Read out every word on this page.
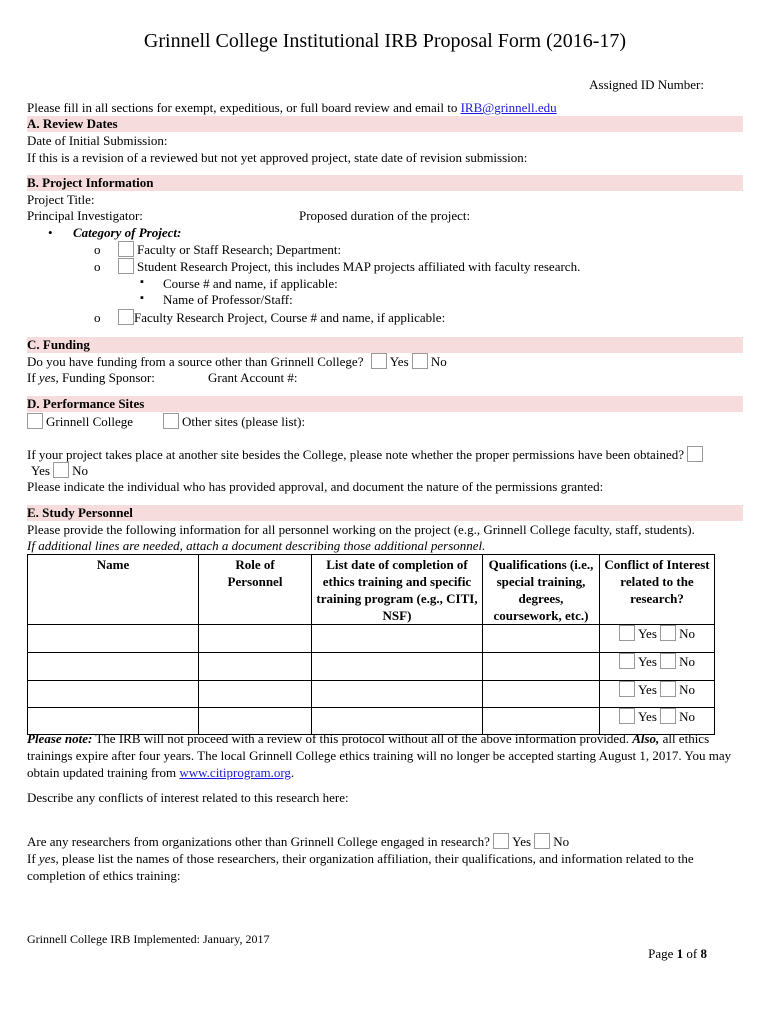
Grinnell College Institutional IRB Proposal Form (2016-17)
Assigned ID Number:
Please fill in all sections for exempt, expeditious, or full board review and email to IRB@grinnell.edu
A. Review Dates
Date of Initial Submission:
If this is a revision of a reviewed but not yet approved project, state date of revision submission:
B. Project Information
Project Title:
Principal Investigator:	Proposed duration of the project:
• Category of Project:
o	Faculty or Staff Research; Department:
o	Student Research Project, this includes MAP projects affiliated with faculty research.
▪ Course # and name, if applicable:
▪ Name of Professor/Staff:
o	Faculty Research Project, Course # and name, if applicable:
C. Funding
Do you have funding from a source other than Grinnell College? Yes No
If yes, Funding Sponsor:	Grant Account #:
D. Performance Sites
Grinnell College	Other sites (please list):
If your project takes place at another site besides the College, please note whether the proper permissions have been obtained?
Yes No
Please indicate the individual who has provided approval, and document the nature of the permissions granted:
E. Study Personnel
Please provide the following information for all personnel working on the project (e.g., Grinnell College faculty, staff, students).
If additional lines are needed, attach a document describing those additional personnel.
Name	Role of Personnel	List date of completion of ethics training and specific training program (e.g., CITI, NSF)	Qualifications (i.e., special training, degrees, coursework, etc.)	Conflict of Interest related to the research?

				Yes No
				Yes No
				Yes No
				Yes No
Please note: The IRB will not proceed with a review of this protocol without all of the above information provided. Also, all ethics trainings expire after four years. The local Grinnell College ethics training will no longer be accepted starting August 1, 2017. You may obtain updated training from www.citiprogram.org.
Describe any conflicts of interest related to this research here:
Are any researchers from organizations other than Grinnell College engaged in research? Yes No
If yes, please list the names of those researchers, their organization affiliation, their qualifications, and information related to the completion of ethics training:
Grinnell College IRB Implemented: January, 2017
Page 1 of 8
